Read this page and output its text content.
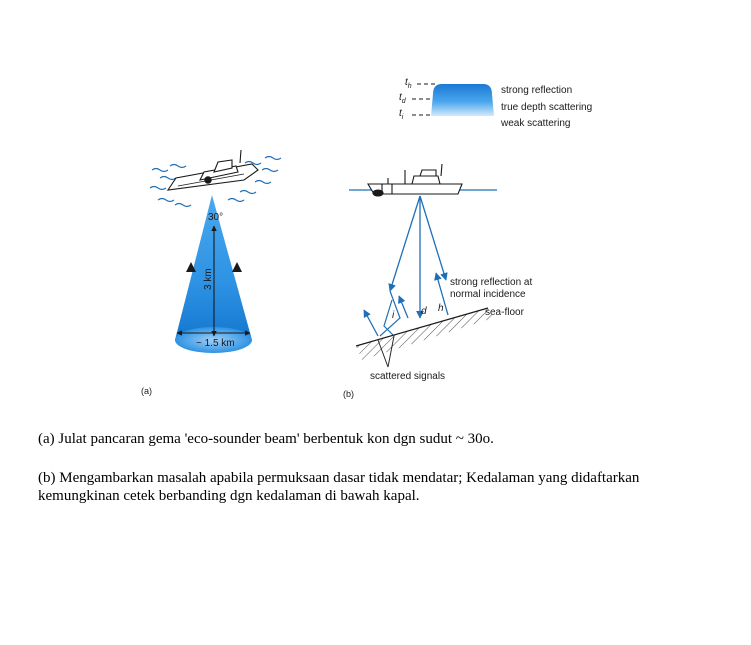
30°
3 km
~ 1.5 km
(a)
$t_h$
$t_d$
$t_i$
strong reflection
true depth scattering
weak scattering
i	d h
strong reflection at
normal incidence
sea-floor
scattered signals
(b)

(a) Julat pancaran gema 'eco-sounder beam' berbentuk kon dgn sudut ~ 30o.

(b) Mengambarkan masalah apabila permuksaan dasar tidak mendatar; Kedalaman yang didaftarkan kemungkinan cetek berbanding dgn kedalaman di bawah kapal.
